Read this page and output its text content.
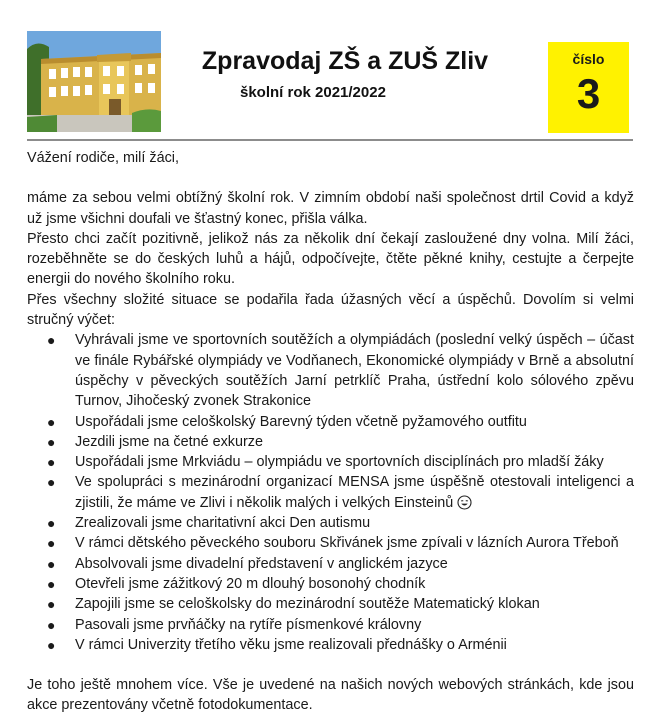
Zpravodaj ZŠ a ZUŠ Zliv
školní rok 2021/2022
číslo
3

Vážení rodiče, milí žáci,

máme za sebou velmi obtížný školní rok. V zimním období naši společnost drtil Covid a když už jsme všichni doufali ve šťastný konec, přišla válka.

Přesto chci začít pozitivně, jelikož nás za několik dní čekají zasloužené dny volna. Milí žáci, rozeběhněte se do českých luhů a hájů, odpočívejte, čtěte pěkné knihy, cestujte a čerpejte energii do nového školního roku.

Přes všechny složité situace se podařila řada úžasných věcí a úspěchů. Dovolím si velmi stručný výčet:

● Vyhrávali jsme ve sportovních soutěžích a olympiádách (poslední velký úspěch – účast ve finále Rybářské olympiády ve Vodňanech, Ekonomické olympiády v Brně a absolutní úspěchy v pěveckých soutěžích Jarní petrklíč Praha, ústřední kolo sólového zpěvu Turnov, Jihočeský zvonek Strakonice
● Uspořádali jsme celoškolský Barevný týden včetně pyžamového outfitu
● Jezdili jsme na četné exkurze
● Uspořádali jsme Mrkviádu – olympiádu ve sportovních disciplínách pro mladší žáky
● Ve spolupráci s mezinárodní organizací MENSA jsme úspěšně otestovali inteligenci a zjistili, že máme ve Zlivi i několik malých i velkých Einsteinů
● Zrealizovali jsme charitativní akci Den autismu
● V rámci dětského pěveckého souboru Skřivánek jsme zpívali v lázních Aurora Třeboň
● Absolvovali jsme divadelní představení v anglickém jazyce
● Otevřeli jsme zážitkový 20 m dlouhý bosonohý chodník
● Zapojili jsme se celoškolsky do mezinárodní soutěže Matematický klokan
● Pasovali jsme prvňáčky na rytíře písmenkové královny
● V rámci Univerzity třetího věku jsme realizovali přednášky o Arménii

Je toho ještě mnohem více. Vše je uvedené na našich nových webových stránkách, kde jsou akce prezentovány včetně fotodokumentace.
